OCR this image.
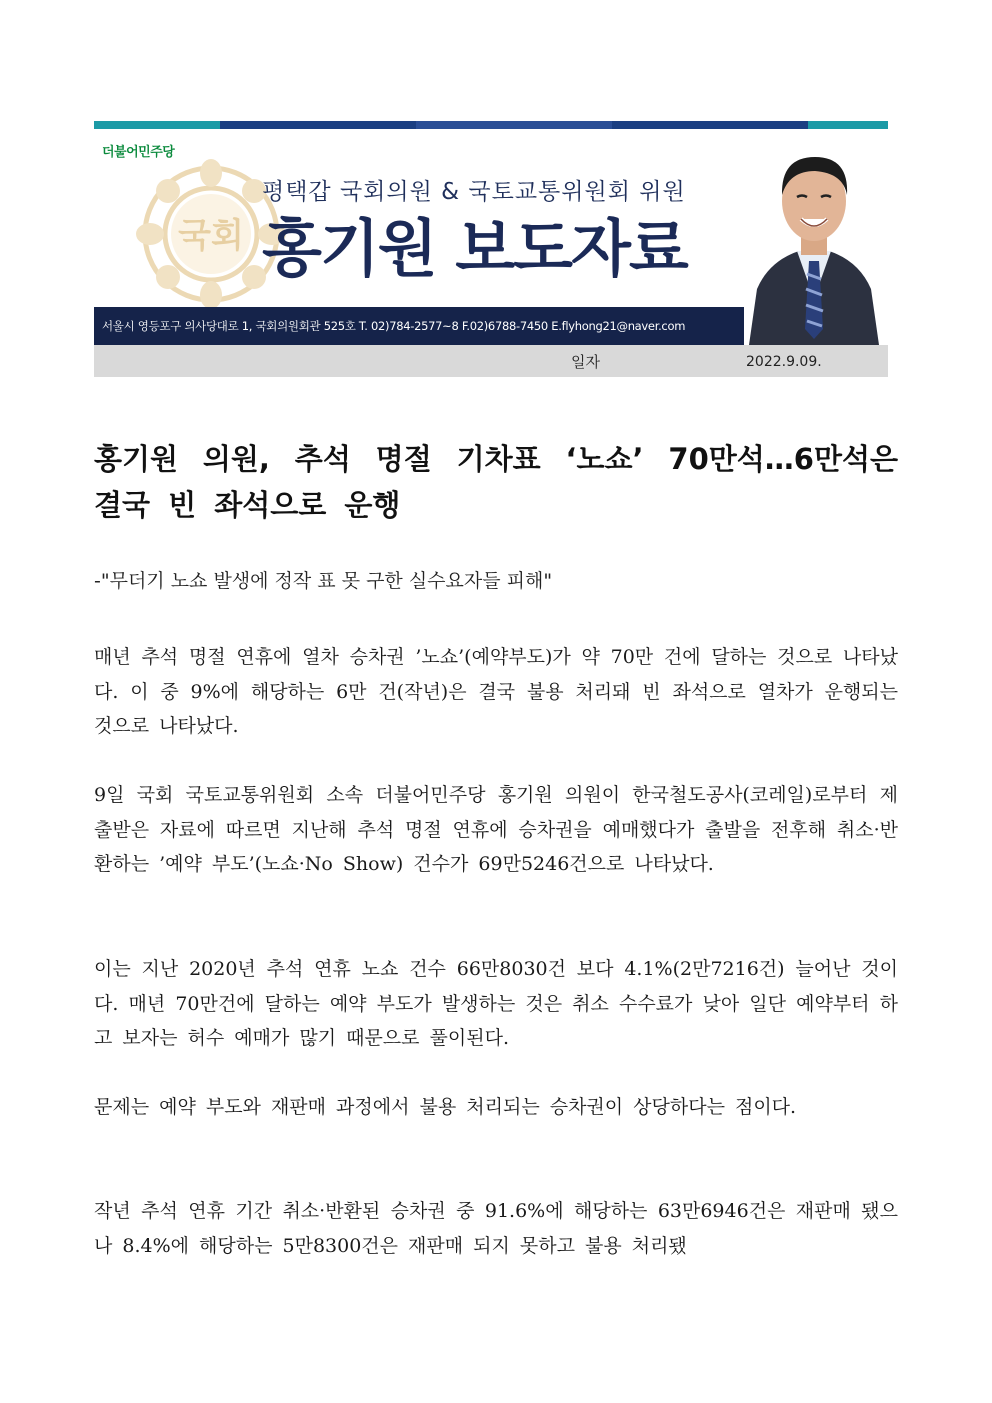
더불어민주당
국회
평택갑 국회의원 & 국토교통위원회 위원
홍기원 보도자료
서울시 영등포구 의사당대로 1, 국회의원회관 525호 T. 02)784-2577~8 F.02)6788-7450 E.flyhong21@naver.com
일자	2022.9.09.
홍기원 의원, 추석 명절 기차표 ‘노쇼’ 70만석…6만석은 결국 빈 좌석으로 운행
-"무더기 노쇼 발생에 정작 표 못 구한 실수요자들 피해"
매년 추석 명절 연휴에 열차 승차권 ’노쇼’(예약부도)가 약 70만 건에 달하는 것으로 나타났다. 이 중 9%에 해당하는 6만 건(작년)은 결국 불용 처리돼 빈 좌석으로 열차가 운행되는 것으로 나타났다.
9일 국회 국토교통위원회 소속 더불어민주당 홍기원 의원이 한국철도공사(코레일)로부터 제출받은 자료에 따르면 지난해 추석 명절 연휴에 승차권을 예매했다가 출발을 전후해 취소·반환하는 ’예약 부도’(노쇼·No Show) 건수가 69만5246건으로 나타났다.
이는 지난 2020년 추석 연휴 노쇼 건수 66만8030건 보다 4.1%(2만7216건) 늘어난 것이다. 매년 70만건에 달하는 예약 부도가 발생하는 것은 취소 수수료가 낮아 일단 예약부터 하고 보자는 허수 예매가 많기 때문으로 풀이된다.
문제는 예약 부도와 재판매 과정에서 불용 처리되는 승차권이 상당하다는 점이다.
작년 추석 연휴 기간 취소·반환된 승차권 중 91.6%에 해당하는 63만6946건은 재판매 됐으나 8.4%에 해당하는 5만8300건은 재판매 되지 못하고 불용 처리됐
